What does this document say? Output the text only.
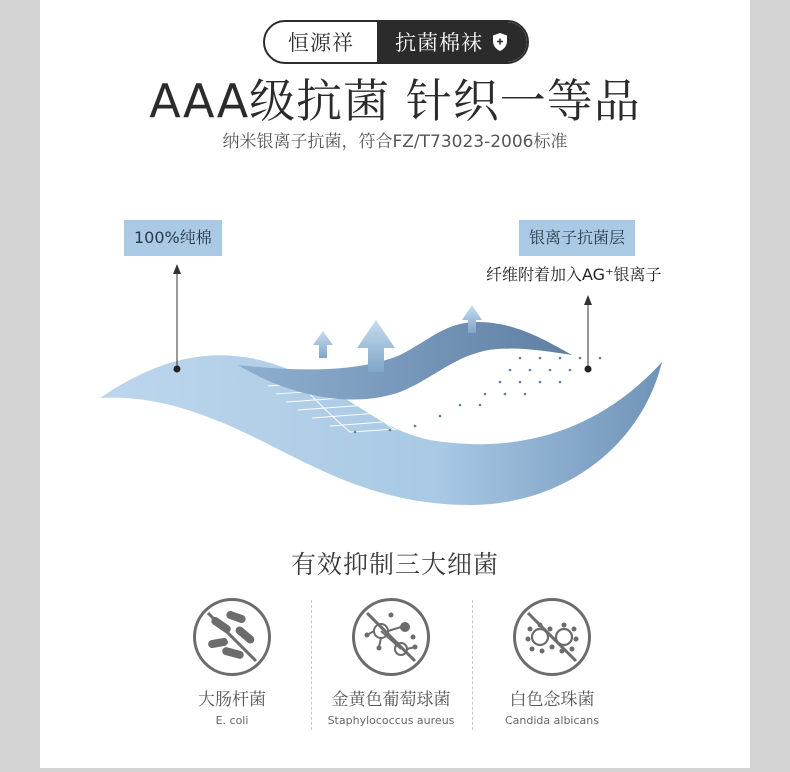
恒源祥	抗菌棉袜
AAA级抗菌 针织一等品
纳米银离子抗菌，符合FZ/T73023-2006标准
100%纯棉	银离子抗菌层
纤维附着加入AG⁺银离子
有效抑制三大细菌
大肠杆菌
E. coli
金黄色葡萄球菌
Staphylococcus aureus
白色念珠菌
Candida albicans
